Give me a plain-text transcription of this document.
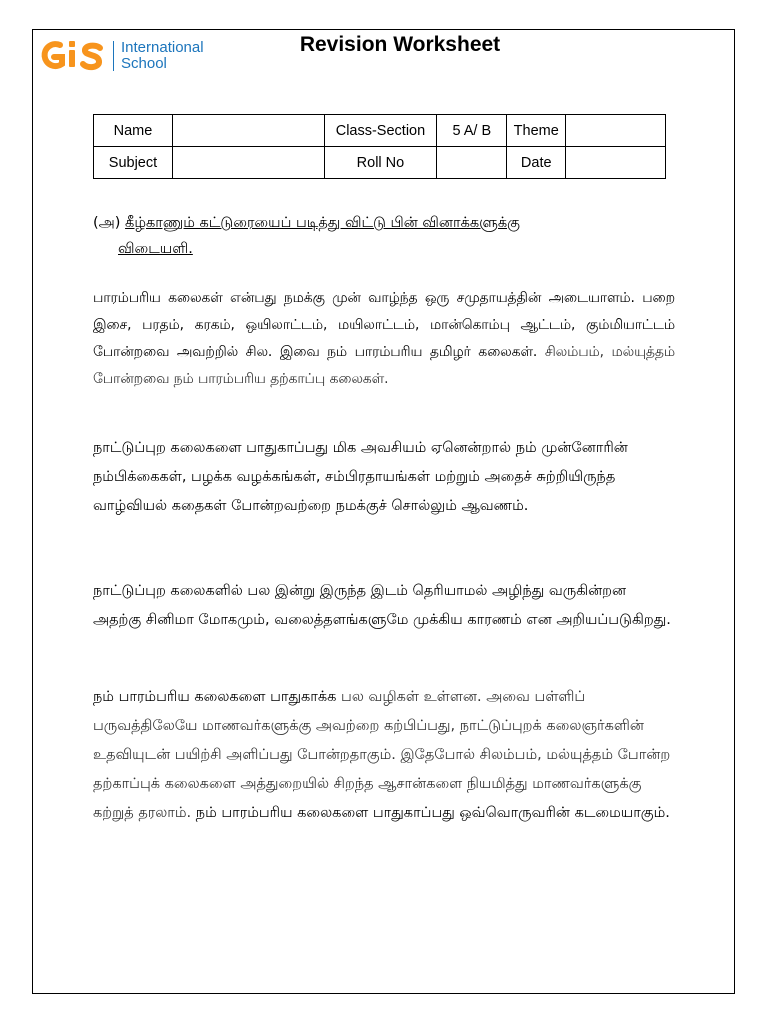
International
School
Revision Worksheet
Name		Class-Section	5 A/ B	Theme	
Subject		Roll No		Date	
(அ) கீழ்காணும் கட்டுரையைப் படித்து விட்டு பின் வினாக்களுக்கு
விடையளி.
பாரம்பரிய கலைகள் என்பது நமக்கு முன் வாழ்ந்த ஒரு சமுதாயத்தின் அடையாளம். பறை இசை, பரதம், கரகம், ஒயிலாட்டம், மயிலாட்டம், மான்கொம்பு ஆட்டம், கும்மியாட்டம் போன்றவை அவற்றில் சில. இவை நம் பாரம்பரிய தமிழர் கலைகள். சிலம்பம், மல்யுத்தம் போன்றவை நம் பாரம்பரிய தற்காப்பு கலைகள்.
நாட்டுப்புற கலைகளை பாதுகாப்பது மிக அவசியம் ஏனென்றால் நம் முன்னோரின் நம்பிக்கைகள், பழக்க வழக்கங்கள், சம்பிரதாயங்கள் மற்றும் அதைச் சுற்றியிருந்த வாழ்வியல் கதைகள் போன்றவற்றை நமக்குச் சொல்லும் ஆவணம்.
நாட்டுப்புற கலைகளில் பல இன்று இருந்த இடம் தெரியாமல் அழிந்து வருகின்றன அதற்கு சினிமா மோகமும், வலைத்தளங்களுமே முக்கிய காரணம் என அறியப்படுகிறது.
நம் பாரம்பரிய கலைகளை பாதுகாக்க பல வழிகள் உள்ளன. அவை பள்ளிப் பருவத்திலேயே மாணவர்களுக்கு அவற்றை கற்பிப்பது, நாட்டுப்புறக் கலைஞர்களின் உதவியுடன் பயிற்சி அளிப்பது போன்றதாகும். இதேபோல் சிலம்பம், மல்யுத்தம் போன்ற தற்காப்புக் கலைகளை அத்துறையில் சிறந்த ஆசான்களை நியமித்து மாணவர்களுக்கு கற்றுத் தரலாம். நம் பாரம்பரிய கலைகளை பாதுகாப்பது ஒவ்வொருவரின் கடமையாகும்.
